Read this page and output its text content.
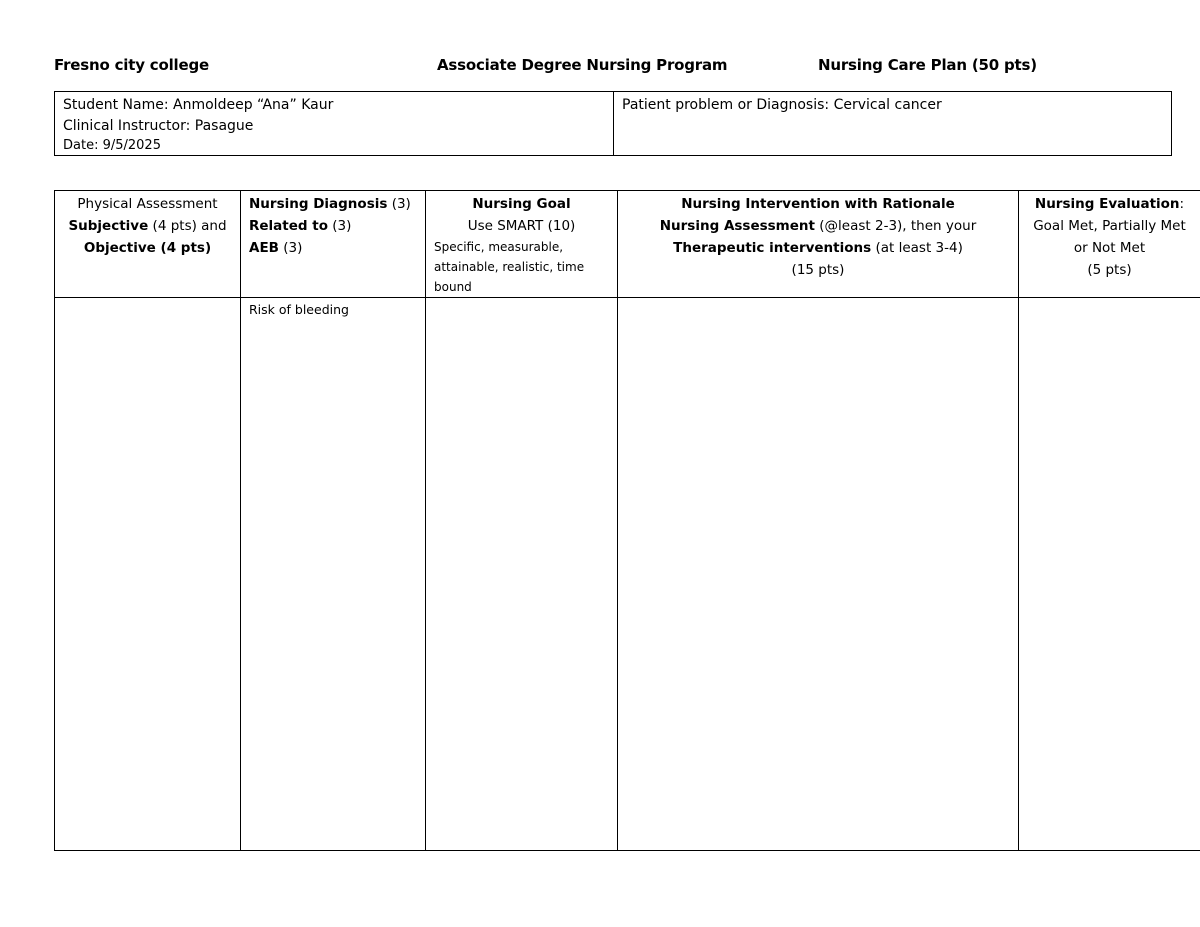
Fresno city college	Associate Degree Nursing Program	Nursing Care Plan (50 pts)
Student Name: Anmoldeep “Ana” Kaur
Clinical Instructor: Pasague
Date: 9/5/2025
Patient problem or Diagnosis: Cervical cancer
Physical Assessment
Subjective (4 pts) and
Objective (4 pts)
Nursing Diagnosis (3)
Related to (3)
AEB (3)
Nursing Goal
Use SMART (10)
Specific, measurable, attainable, realistic, time bound
Nursing Intervention with Rationale
Nursing Assessment (@least 2-3), then your
Therapeutic interventions (at least 3-4)
(15 pts)
Nursing Evaluation:
Goal Met, Partially Met or Not Met
(5 pts)
Risk of bleeding
